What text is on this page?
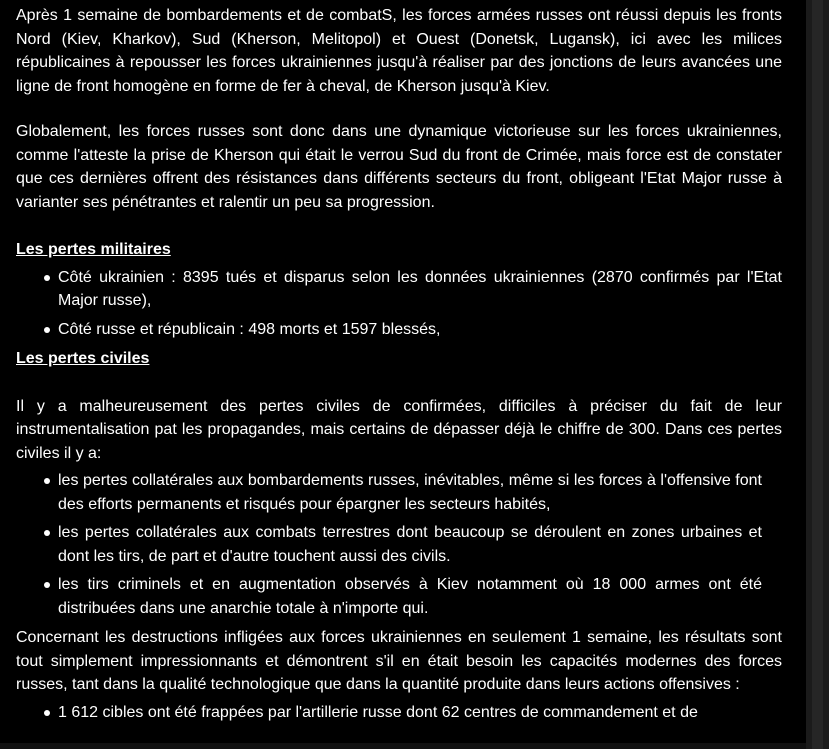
Après 1 semaine de bombardements et de combatS, les forces armées russes ont réussi depuis les fronts Nord (Kiev, Kharkov), Sud (Kherson, Melitopol) et Ouest (Donetsk, Lugansk), ici avec les milices républicaines à repousser les forces ukrainiennes jusqu'à réaliser par des jonctions de leurs avancées une ligne de front homogène en forme de fer à cheval, de Kherson jusqu'à Kiev.

Globalement, les forces russes sont donc dans une dynamique victorieuse sur les forces ukrainiennes, comme l'atteste la prise de Kherson qui était le verrou Sud du front de Crimée, mais force est de constater que ces dernières offrent des résistances dans différents secteurs du front, obligeant l'Etat Major russe à varianter ses pénétrantes et ralentir un peu sa progression.

Les pertes militaires

Côté ukrainien : 8395 tués et disparus selon les données ukrainiennes (2870 confirmés par l'Etat Major russe),
Côté russe et républicain : 498 morts et 1597 blessés,

Les pertes civiles

Il y a malheureusement des pertes civiles de confirmées, difficiles à préciser du fait de leur instrumentalisation pat les propagandes, mais certains de dépasser déjà le chiffre de 300. Dans ces pertes civiles il y a:

les pertes collatérales aux bombardements russes, inévitables, même si les forces à l'offensive font des efforts permanents et risqués pour épargner les secteurs habités,
les pertes collatérales aux combats terrestres dont beaucoup se déroulent en zones urbaines et dont les tirs, de part et d'autre touchent aussi des civils.
les tirs criminels et en augmentation observés à Kiev notamment où 18 000 armes ont été distribuées dans une anarchie totale à n'importe qui.

Concernant les destructions infligées aux forces ukrainiennes en seulement 1 semaine, les résultats sont tout simplement impressionnants et démontrent s'il en était besoin les capacités modernes des forces russes, tant dans la qualité technologique que dans la quantité produite dans leurs actions offensives :

1 612 cibles ont été frappées par l'artillerie russe dont 62 centres de commandement et de
